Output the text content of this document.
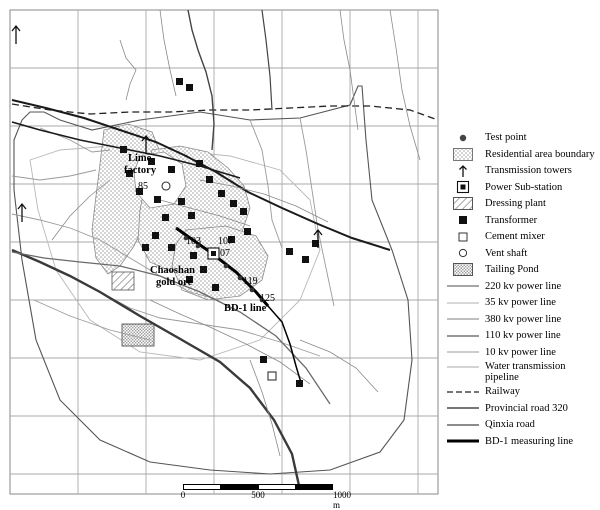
Lime
factory
85
103 107
07
119
125
Chaoshan
gold ore
BD-1 line
Test point
Residential area boundary
Transmission towers
Power Sub-station
Dressing plant
Transformer
Cement mixer
Vent shaft
Tailing Pond
220 kv power line
35 kv power line
380 kv power line
110 kv power line
10 kv power line
Water transmission pipeline
Railway
Provincial road 320
Qinxia road
BD-1 measuring line
0	500	1000 m
